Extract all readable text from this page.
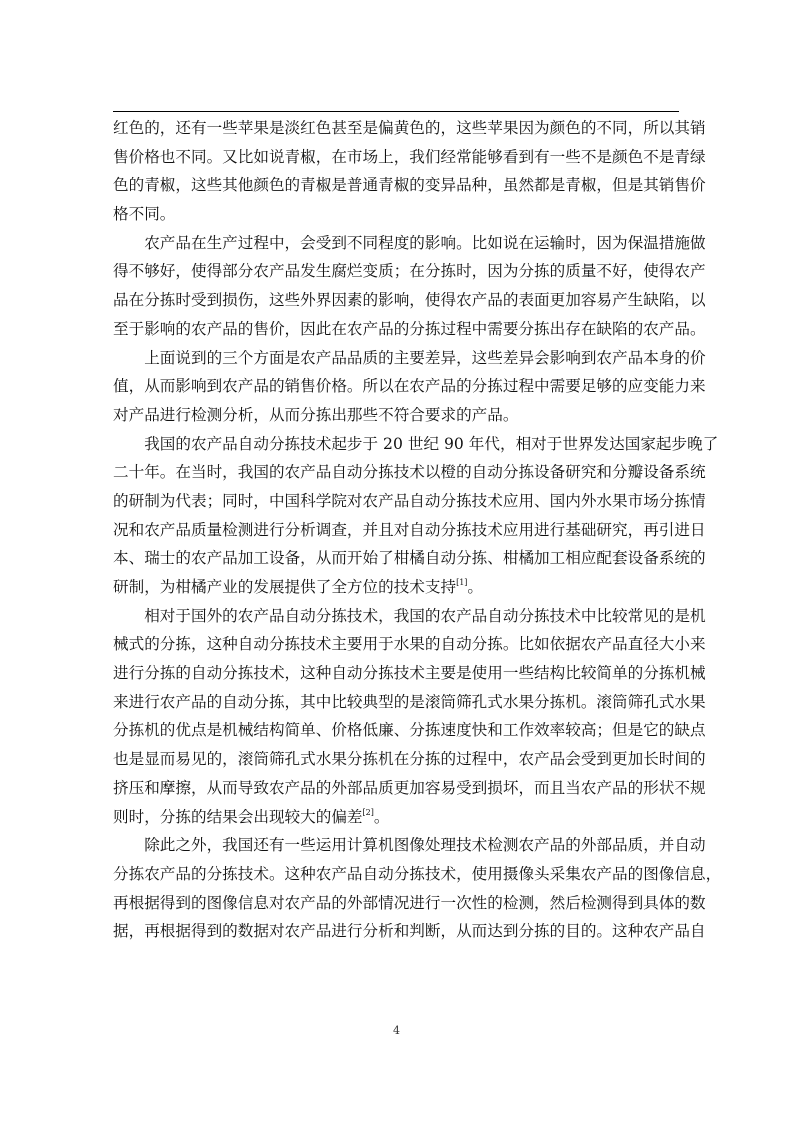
红色的，还有一些苹果是淡红色甚至是偏黄色的，这些苹果因为颜色的不同，所以其销
售价格也不同。又比如说青椒，在市场上，我们经常能够看到有一些不是颜色不是青绿
色的青椒，这些其他颜色的青椒是普通青椒的变异品种，虽然都是青椒，但是其销售价
格不同。
农产品在生产过程中，会受到不同程度的影响。比如说在运输时，因为保温措施做
得不够好，使得部分农产品发生腐烂变质；在分拣时，因为分拣的质量不好，使得农产
品在分拣时受到损伤，这些外界因素的影响，使得农产品的表面更加容易产生缺陷，以
至于影响的农产品的售价，因此在农产品的分拣过程中需要分拣出存在缺陷的农产品。
上面说到的三个方面是农产品品质的主要差异，这些差异会影响到农产品本身的价
值，从而影响到农产品的销售价格。所以在农产品的分拣过程中需要足够的应变能力来
对产品进行检测分析，从而分拣出那些不符合要求的产品。
我国的农产品自动分拣技术起步于 20 世纪 90 年代，相对于世界发达国家起步晚了
二十年。在当时，我国的农产品自动分拣技术以橙的自动分拣设备研究和分瓣设备系统
的研制为代表；同时，中国科学院对农产品自动分拣技术应用、国内外水果市场分拣情
况和农产品质量检测进行分析调查，并且对自动分拣技术应用进行基础研究，再引进日
本、瑞士的农产品加工设备，从而开始了柑橘自动分拣、柑橘加工相应配套设备系统的
研制，为柑橘产业的发展提供了全方位的技术支持[1]。
相对于国外的农产品自动分拣技术，我国的农产品自动分拣技术中比较常见的是机
械式的分拣，这种自动分拣技术主要用于水果的自动分拣。比如依据农产品直径大小来
进行分拣的自动分拣技术，这种自动分拣技术主要是使用一些结构比较简单的分拣机械
来进行农产品的自动分拣，其中比较典型的是滚筒筛孔式水果分拣机。滚筒筛孔式水果
分拣机的优点是机械结构简单、价格低廉、分拣速度快和工作效率较高；但是它的缺点
也是显而易见的，滚筒筛孔式水果分拣机在分拣的过程中，农产品会受到更加长时间的
挤压和摩擦，从而导致农产品的外部品质更加容易受到损坏，而且当农产品的形状不规
则时，分拣的结果会出现较大的偏差[2]。
除此之外，我国还有一些运用计算机图像处理技术检测农产品的外部品质，并自动
分拣农产品的分拣技术。这种农产品自动分拣技术，使用摄像头采集农产品的图像信息，
再根据得到的图像信息对农产品的外部情况进行一次性的检测，然后检测得到具体的数
据，再根据得到的数据对农产品进行分析和判断，从而达到分拣的目的。这种农产品自
4
